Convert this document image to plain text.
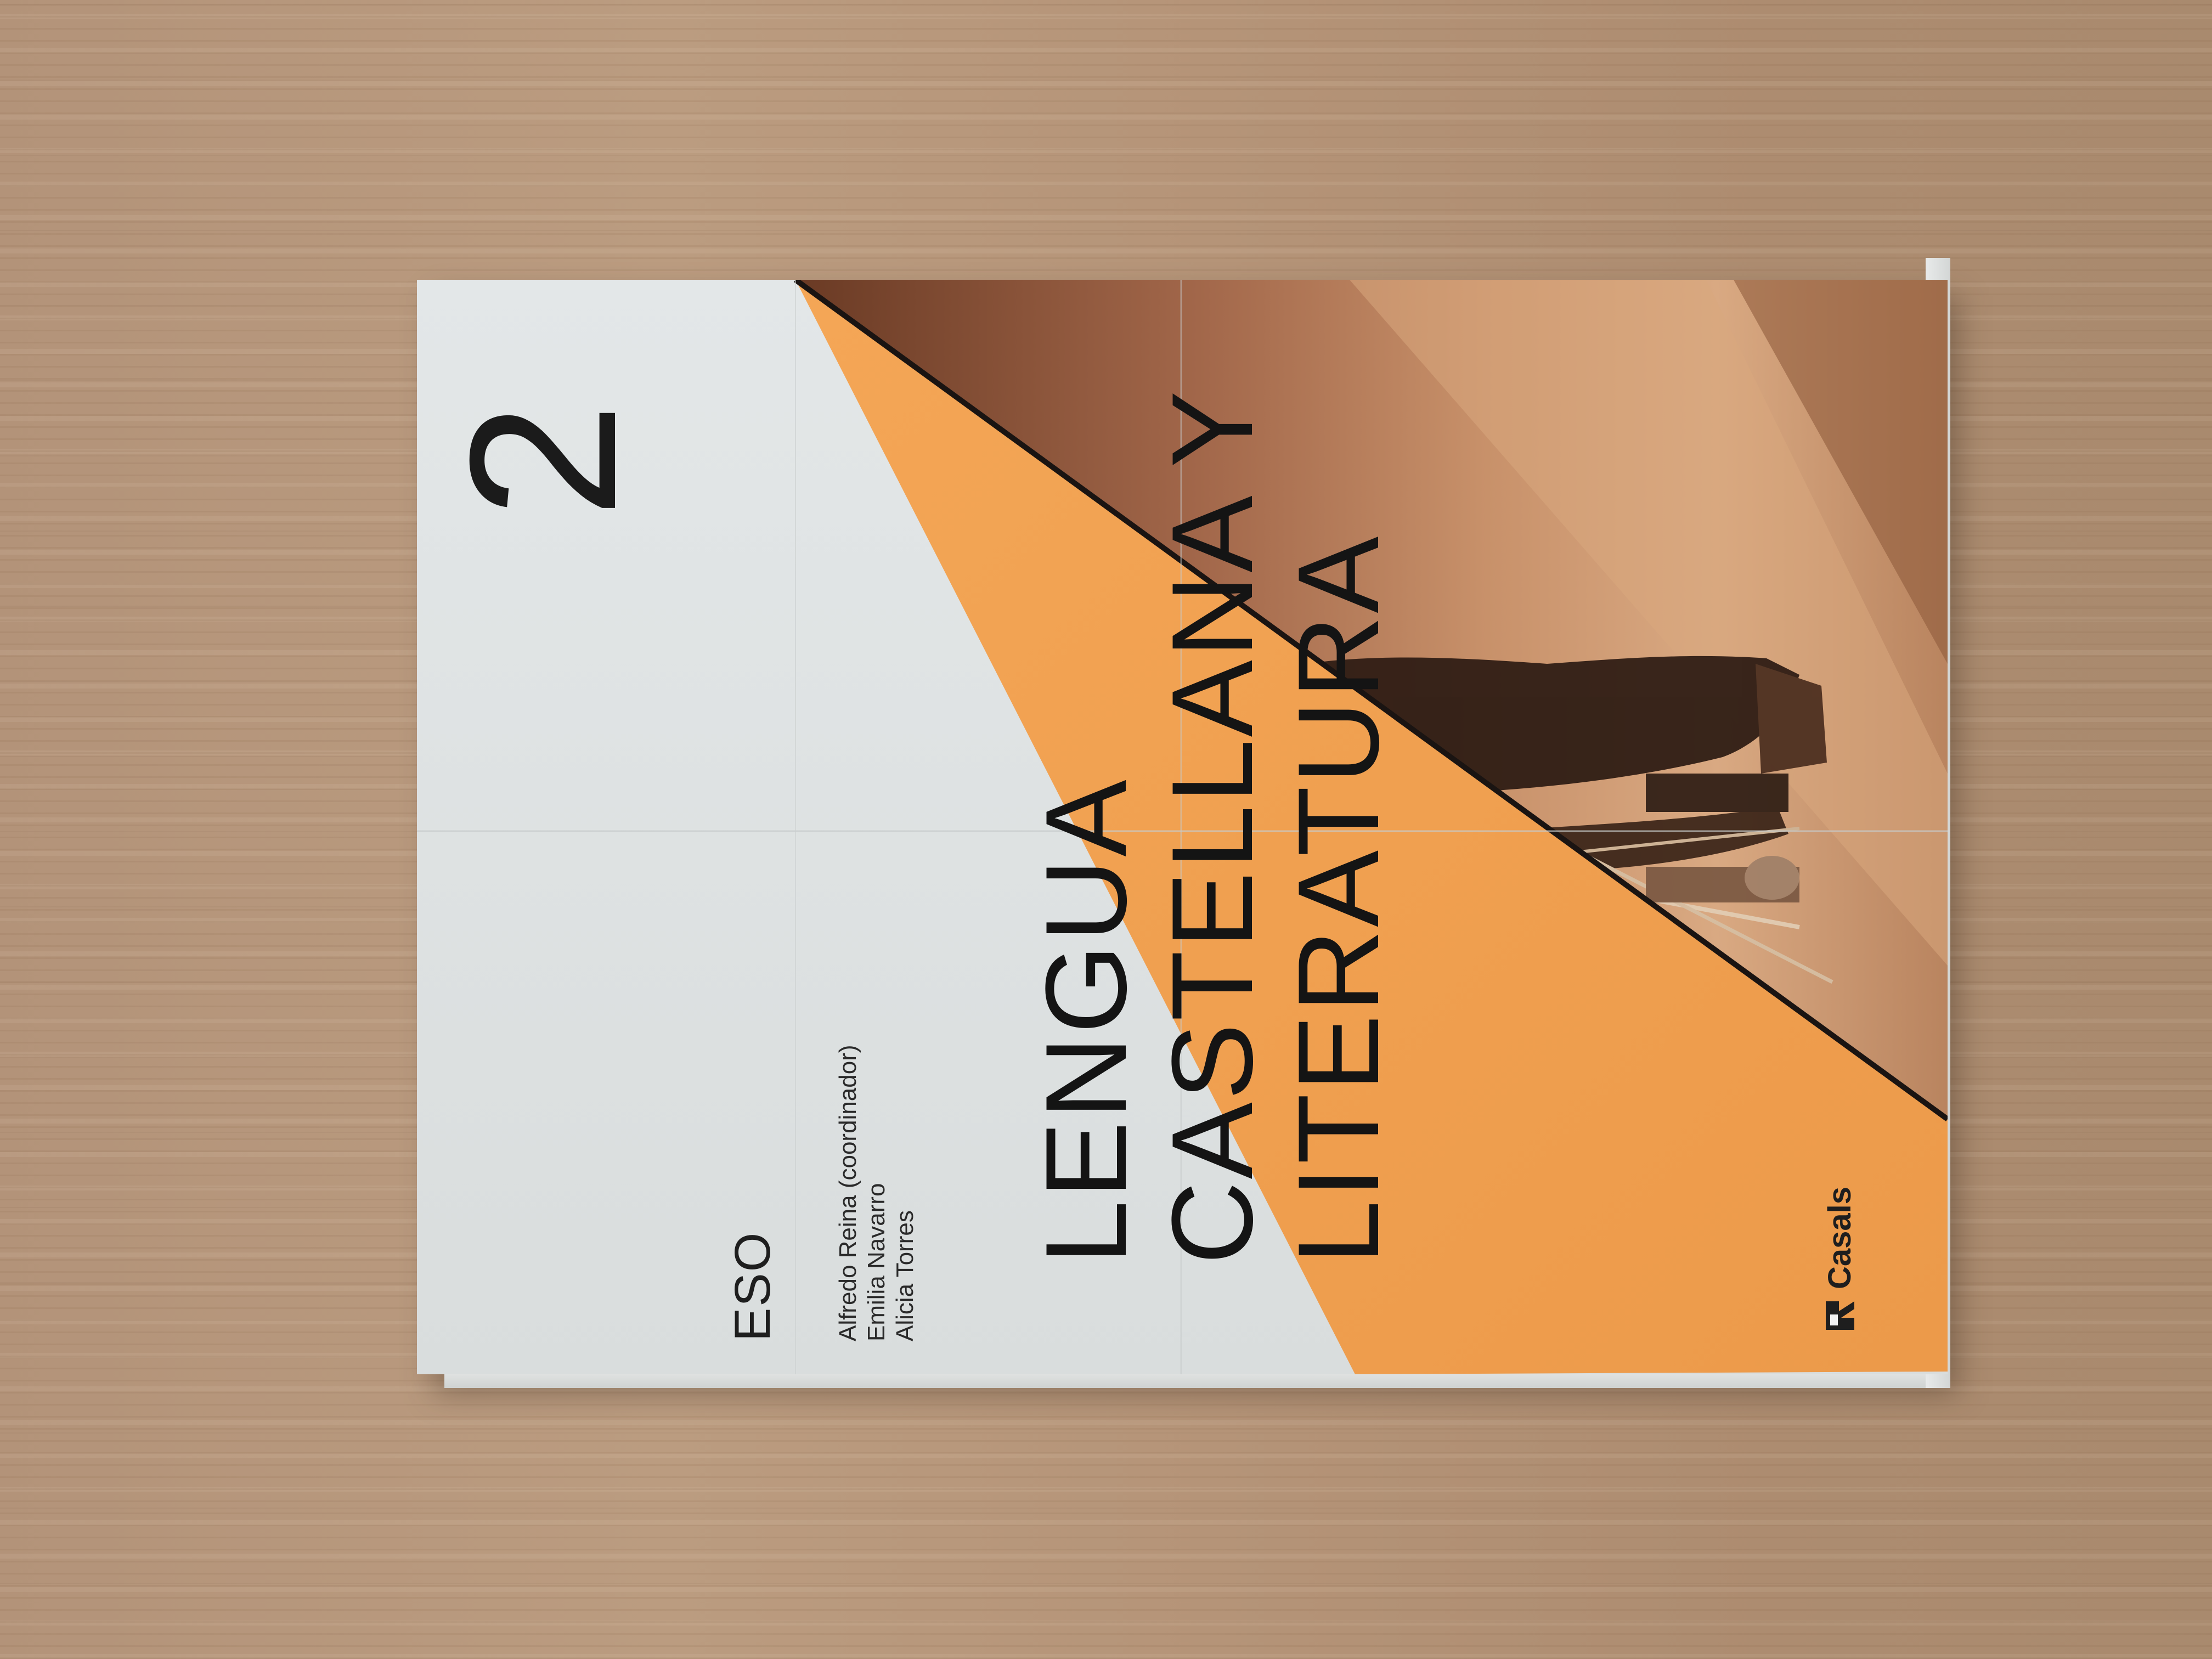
2
ESO Alfredo Reina (coordinador) Emilia Navarro Alicia Torres
LENGUA
CASTELLANA Y
LITERATURA	Casals
